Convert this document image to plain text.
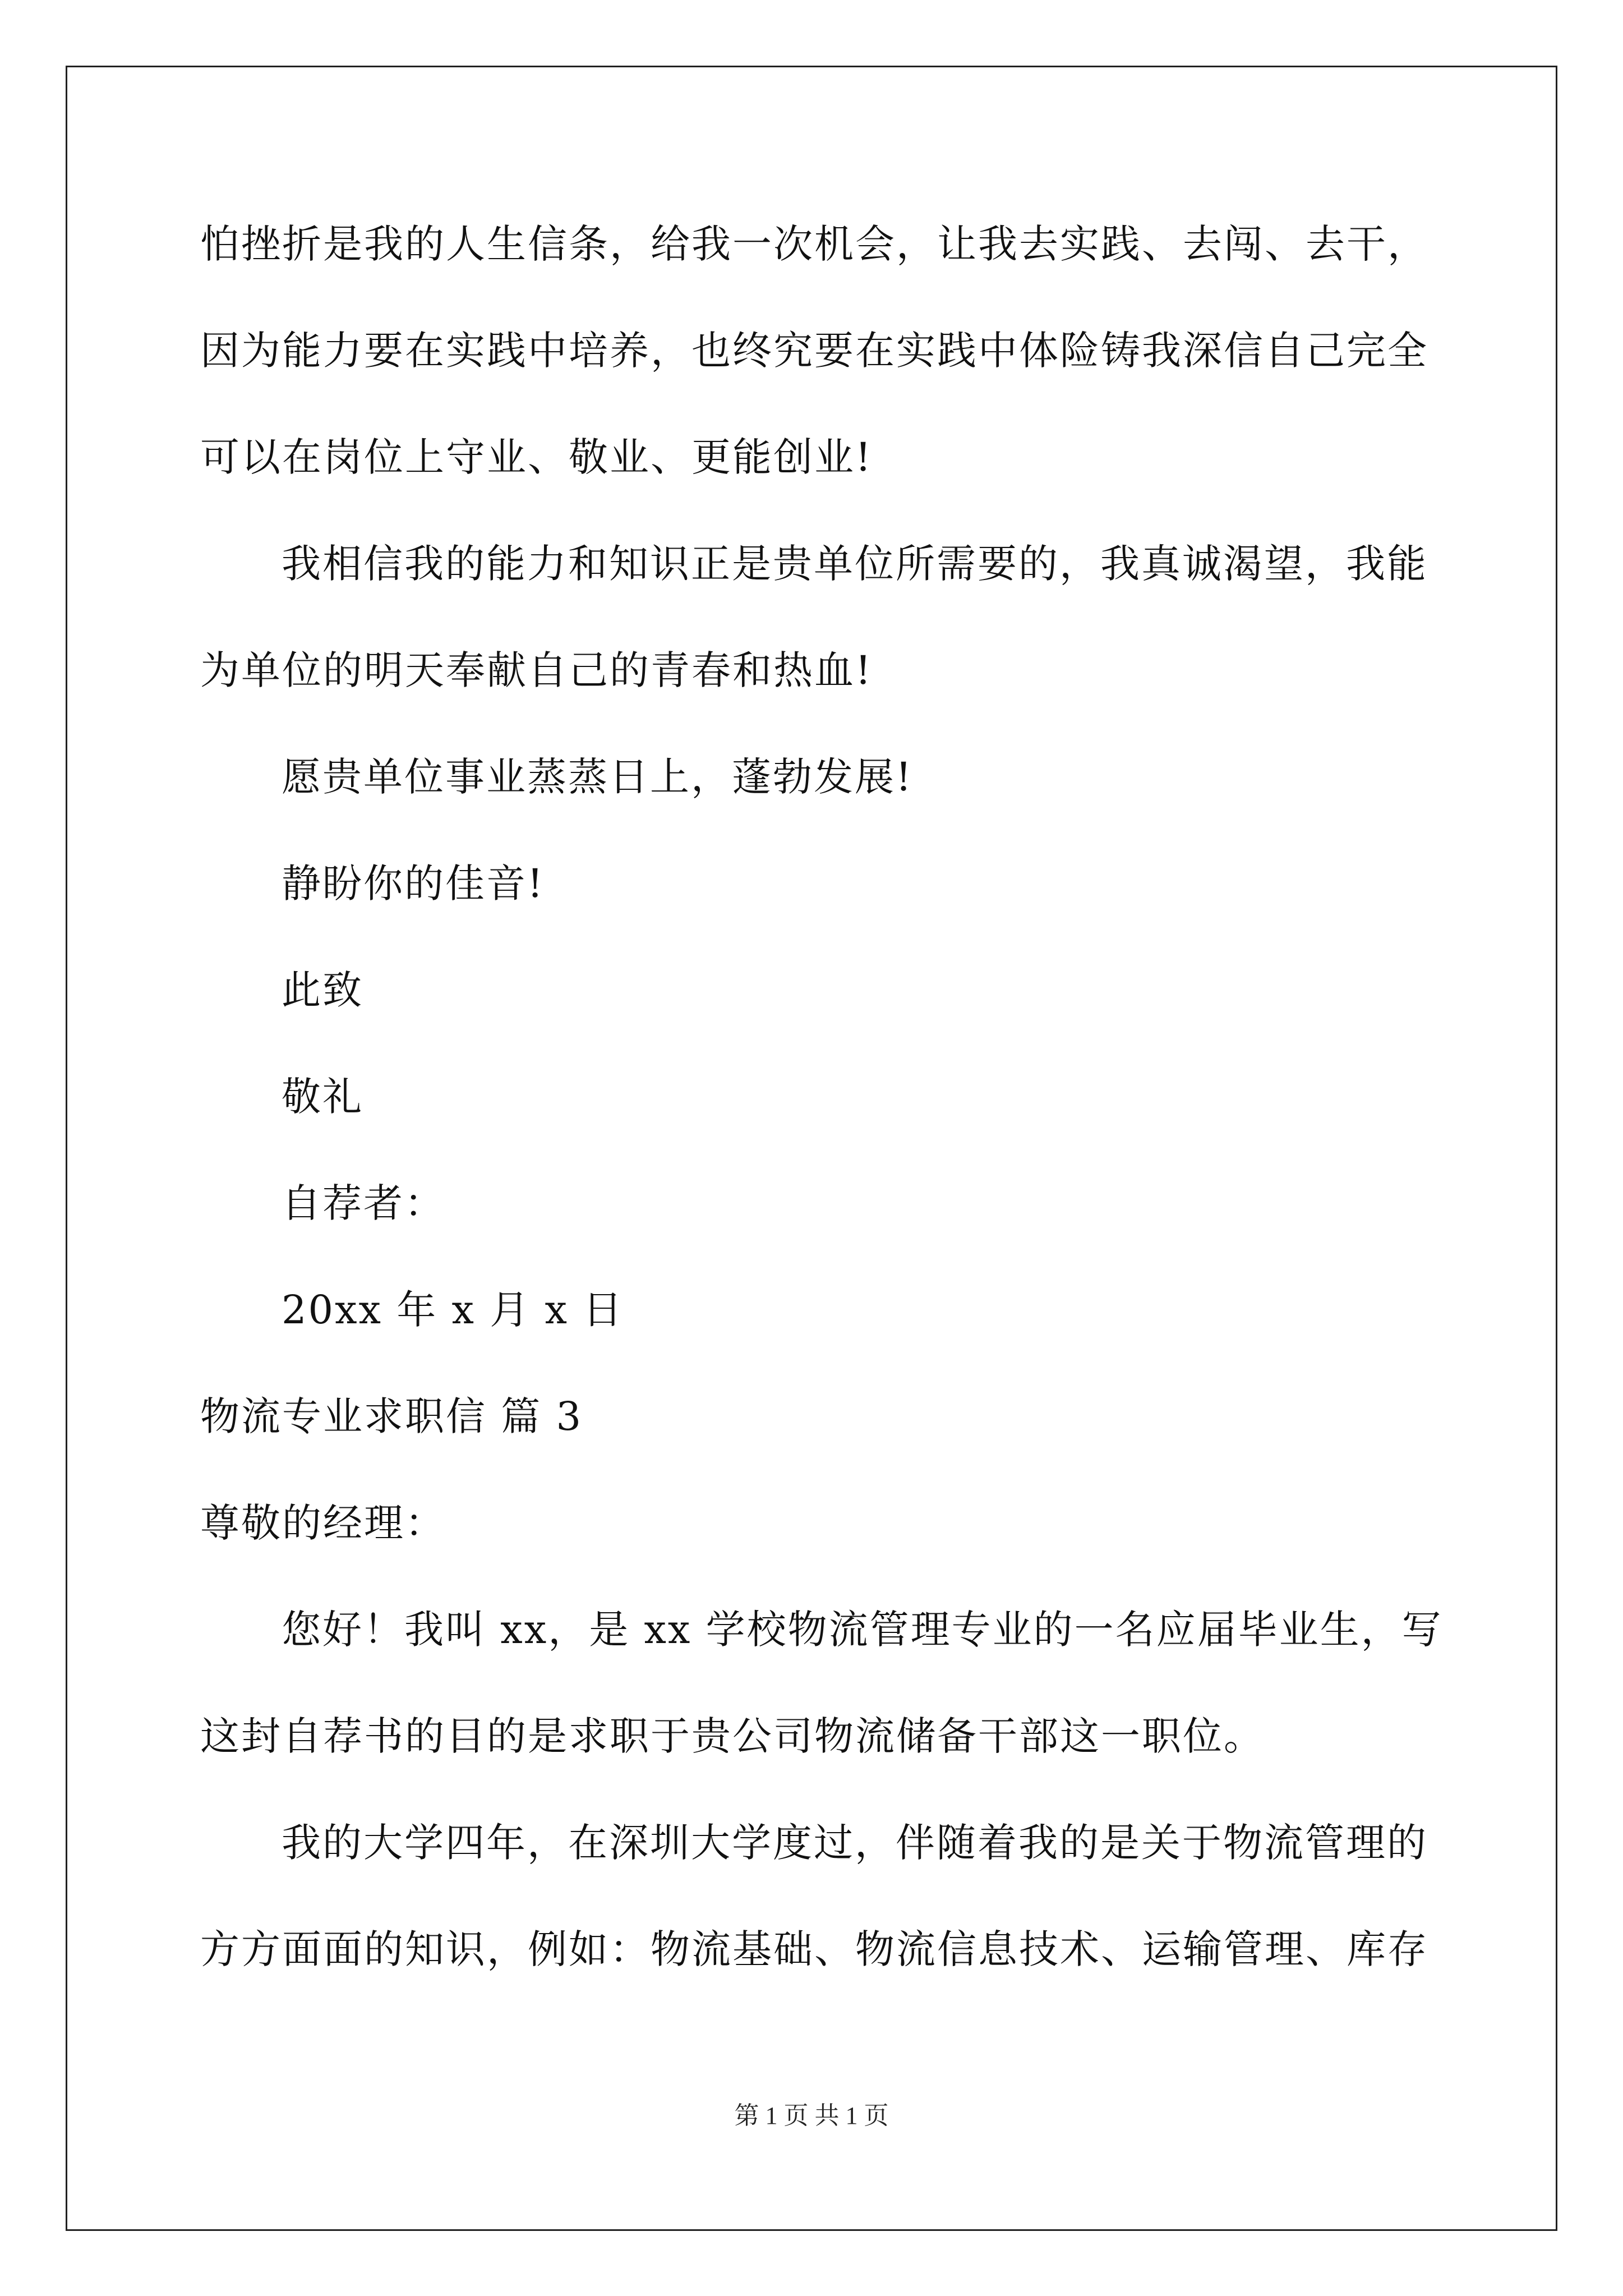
怕挫折是我的人生信条，给我一次机会，让我去实践、去闯、去干，
因为能力要在实践中培养，也终究要在实践中体险铸我深信自己完全
可以在岗位上守业、敬业、更能创业!
我相信我的能力和知识正是贵单位所需要的，我真诚渴望，我能
为单位的明天奉献自己的青春和热血!
愿贵单位事业蒸蒸日上，蓬勃发展!
静盼你的佳音!
此致
敬礼
自荐者：
20xx 年 x 月 x 日
物流专业求职信 篇 3
尊敬的经理：
您好！我叫 xx，是 xx 学校物流管理专业的一名应届毕业生，写
这封自荐书的目的是求职于贵公司物流储备干部这一职位。
我的大学四年，在深圳大学度过，伴随着我的是关于物流管理的
方方面面的知识，例如：物流基础、物流信息技术、运输管理、库存
第 1 页 共 1 页
